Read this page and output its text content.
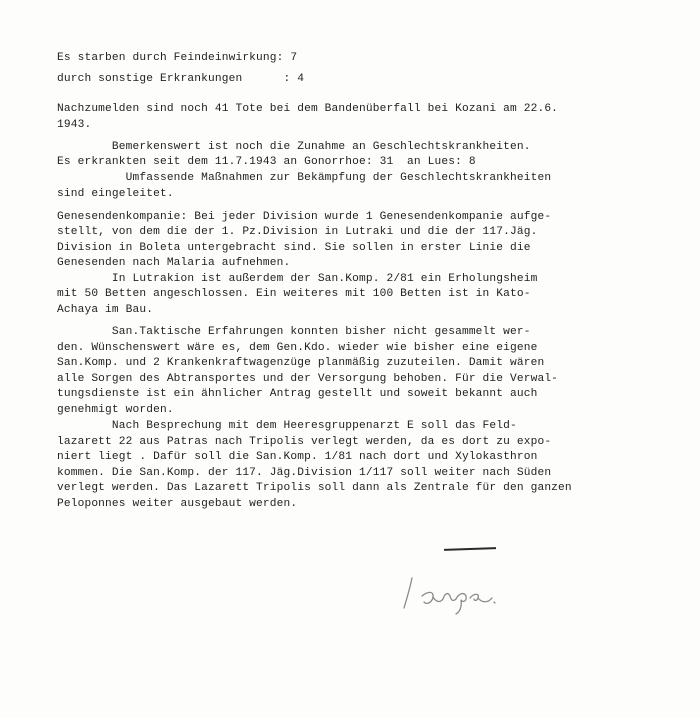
Es starben durch Feindeinwirkung: 7

durch sonstige Erkrankungen      : 4

Nachzumelden sind noch 41 Tote bei dem Bandenüberfall bei Kozani am 22.6.

1943.

Bemerkenswert ist noch die Zunahme an Geschlechtskrankheiten.

Es erkrankten seit dem 11.7.1943 an Gonorrhoe: 31  an Lues: 8

Umfassende Maßnahmen zur Bekämpfung der Geschlechtskrankheiten

sind eingeleitet.

Genesendenkompanie: Bei jeder Division wurde 1 Genesendenkompanie aufge-

stellt, von dem die der 1. Pz.Division in Lutraki und die der 117.Jäg.

Division in Boleta untergebracht sind. Sie sollen in erster Linie die

Genesenden nach Malaria aufnehmen.

In Lutrakion ist außerdem der San.Komp. 2/81 ein Erholungsheim

mit 50 Betten angeschlossen. Ein weiteres mit 100 Betten ist in Kato-

Achaya im Bau.

San.Taktische Erfahrungen konnten bisher nicht gesammelt wer-

den. Wünschenswert wäre es, dem Gen.Kdo. wieder wie bisher eine eigene

San.Komp. und 2 Krankenkraftwagenzüge planmäßig zuzuteilen. Damit wären

alle Sorgen des Abtransportes und der Versorgung behoben. Für die Verwal-

tungsdienste ist ein ähnlicher Antrag gestellt und soweit bekannt auch

genehmigt worden.

Nach Besprechung mit dem Heeresgruppenarzt E soll das Feld-

lazarett 22 aus Patras nach Tripolis verlegt werden, da es dort zu expo-

niert liegt . Dafür soll die San.Komp. 1/81 nach dort und Xylokasthron

kommen. Die San.Komp. der 117. Jäg.Division 1/117 soll weiter nach Süden

verlegt werden. Das Lazarett Tripolis soll dann als Zentrale für den ganzen

Peloponnes weiter ausgebaut werden.
